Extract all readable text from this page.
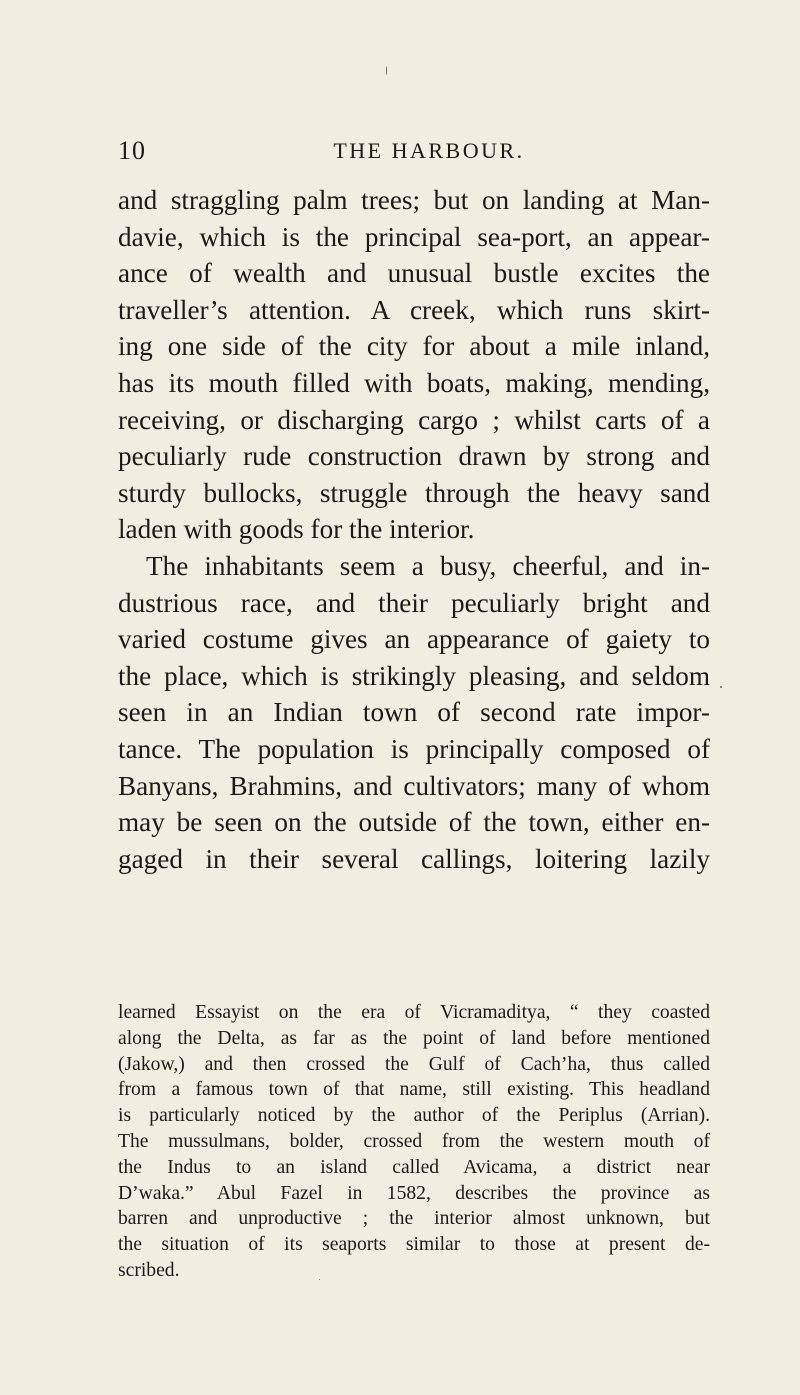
10	THE HARBOUR.
and straggling palm trees; but on landing at Man-
davie, which is the principal sea-port, an appear-
ance of wealth and unusual bustle excites the
traveller’s attention. A creek, which runs skirt-
ing one side of the city for about a mile inland,
has its mouth filled with boats, making, mending,
receiving, or discharging cargo ; whilst carts of a
peculiarly rude construction drawn by strong and
sturdy bullocks, struggle through the heavy sand
laden with goods for the interior.
The inhabitants seem a busy, cheerful, and in-
dustrious race, and their peculiarly bright and
varied costume gives an appearance of gaiety to
the place, which is strikingly pleasing, and seldom
seen in an Indian town of second rate impor-
tance. The population is principally composed of
Banyans, Brahmins, and cultivators; many of whom
may be seen on the outside of the town, either en-
gaged in their several callings, loitering lazily
learned Essayist on the era of Vicramaditya, “ they coasted
along the Delta, as far as the point of land before mentioned
(Jakow,) and then crossed the Gulf of Cach’ha, thus called
from a famous town of that name, still existing. This headland
is particularly noticed by the author of the Periplus (Arrian).
The mussulmans, bolder, crossed from the western mouth of
the Indus to an island called Avicama, a district near
D’waka.” Abul Fazel in 1582, describes the province as
barren and unproductive ; the interior almost unknown, but
the situation of its seaports similar to those at present de-
scribed.
